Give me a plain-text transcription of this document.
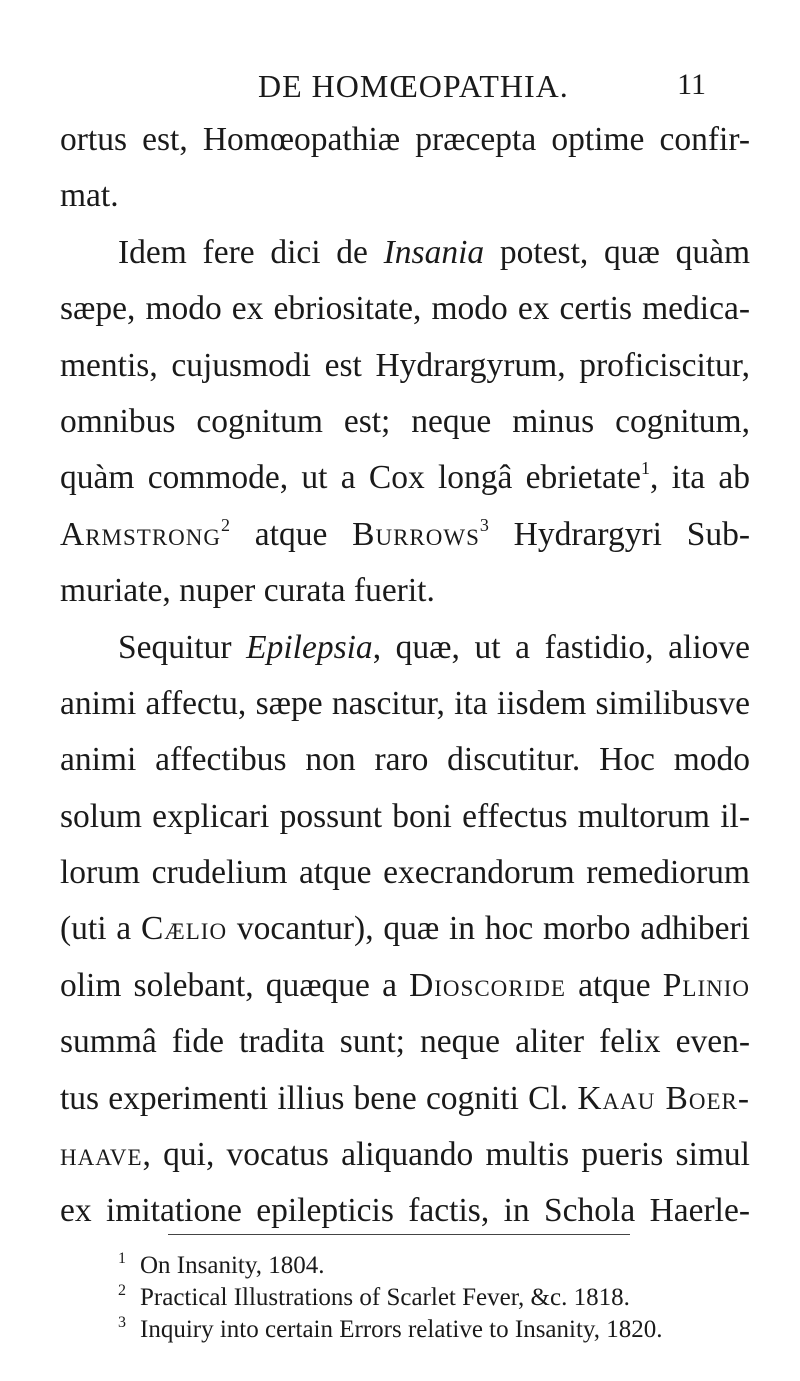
DE HOMŒOPATHIA.	11
ortus est, Homœopathiæ præcepta optime confir-
mat.
Idem fere dici de Insania potest, quæ quàm
sæpe, modo ex ebriositate, modo ex certis medica-
mentis, cujusmodi est Hydrargyrum, proficiscitur,
omnibus cognitum est; neque minus cognitum,
quàm commode, ut a Cox longâ ebrietate$^1$, ita ab
Armstrong$^2$ atque Burrows$^3$ Hydrargyri Sub-
muriate, nuper curata fuerit.
Sequitur Epilepsia, quæ, ut a fastidio, aliove
animi affectu, sæpe nascitur, ita iisdem similibusve
animi affectibus non raro discutitur. Hoc modo
solum explicari possunt boni effectus multorum il-
lorum crudelium atque execrandorum remediorum
(uti a Cælio vocantur), quæ in hoc morbo adhiberi
olim solebant, quæque a Dioscoride atque Plinio
summâ fide tradita sunt; neque aliter felix even-
tus experimenti illius bene cogniti Cl. Kaau Boer-
haave, qui, vocatus aliquando multis pueris simul
ex imitatione epilepticis factis, in Schola Haerle-
1 On Insanity, 1804.
2 Practical Illustrations of Scarlet Fever, &c. 1818.
3 Inquiry into certain Errors relative to Insanity, 1820.
